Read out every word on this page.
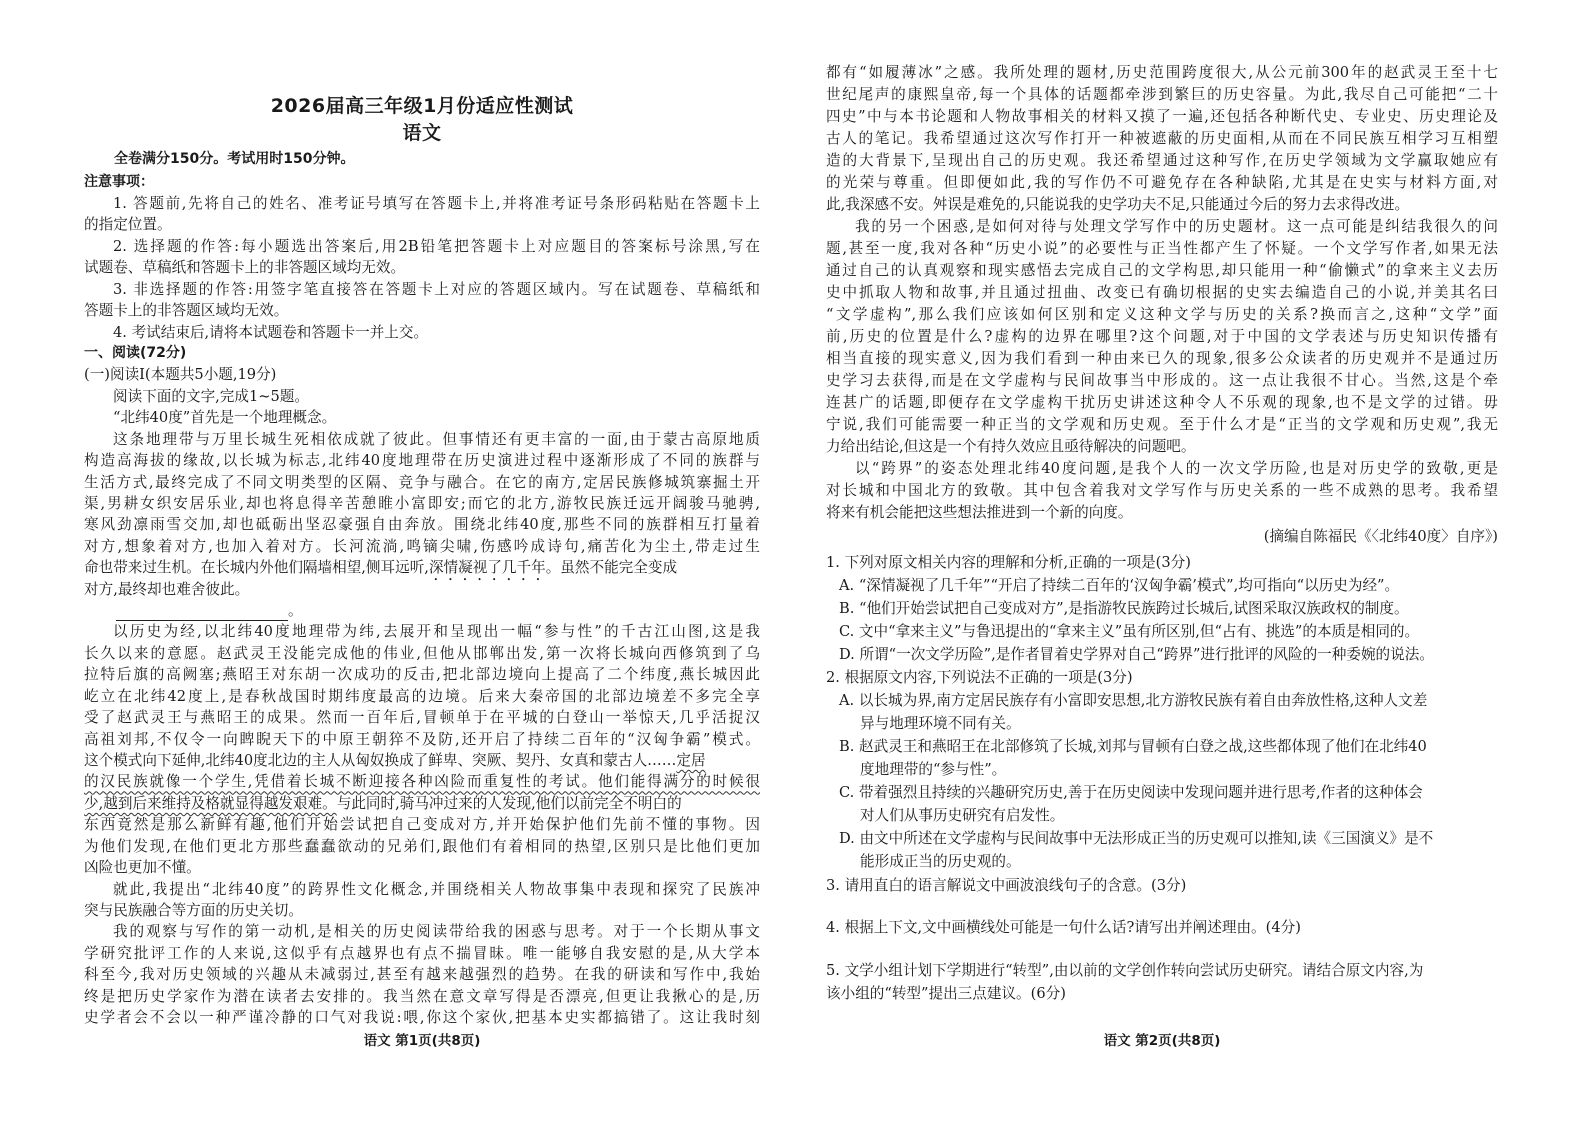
2026届高三年级1月份适应性测试
语文
全卷满分150分。考试用时150分钟。
注意事项：
1. 答题前,先将自己的姓名、准考证号填写在答题卡上,并将准考证号条形码粘贴在答题卡上
的指定位置。
2. 选择题的作答:每小题选出答案后,用2B铅笔把答题卡上对应题目的答案标号涂黑,写在
试题卷、草稿纸和答题卡上的非答题区域均无效。
3. 非选择题的作答:用签字笔直接答在答题卡上对应的答题区域内。写在试题卷、草稿纸和
答题卡上的非答题区域均无效。
4. 考试结束后,请将本试题卷和答题卡一并上交。
一、阅读(72分)
(一)阅读Ⅰ(本题共5小题,19分)
阅读下面的文字,完成1~5题。
“北纬40度”首先是一个地理概念。
这条地理带与万里长城生死相依成就了彼此。但事情还有更丰富的一面,由于蒙古高原地质
构造高海拔的缘故,以长城为标志,北纬40度地理带在历史演进过程中逐渐形成了不同的族群与
生活方式,最终完成了不同文明类型的区隔、竞争与融合。在它的南方,定居民族修城筑寨掘土开
渠,男耕女织安居乐业,却也将息得辛苦憩睢小富即安;而它的北方,游牧民族迁远开阔骏马驰骋,
寒风劲凛雨雪交加,却也砥砺出坚忍豪强自由奔放。围绕北纬40度,那些不同的族群相互打量着
对方,想象着对方,也加入着对方。长河流淌,鸣镝尖啸,伤感吟成诗句,痛苦化为尘土,带走过生
命也带来过生机。在长城内外他们隔墙相望,侧耳远听,深情凝视了几千年。虽然不能完全变成
对方,最终却也难舍彼此。
。
以历史为经,以北纬40度地理带为纬,去展开和呈现出一幅“参与性”的千古江山图,这是我
长久以来的意愿。赵武灵王没能完成他的伟业,但他从邯郸出发,第一次将长城向西修筑到了乌
拉特后旗的高阙塞;燕昭王对东胡一次成功的反击,把北部边境向上提高了二个纬度,燕长城因此
屹立在北纬42度上,是春秋战国时期纬度最高的边境。后来大秦帝国的北部边境差不多完全享
受了赵武灵王与燕昭王的成果。然而一百年后,冒顿单于在平城的白登山一举惊天,几乎活捉汉
高祖刘邦,不仅令一向睥睨天下的中原王朝猝不及防,还开启了持续二百年的“汉匈争霸”模式。
这个模式向下延伸,北纬40度北边的主人从匈奴换成了鲜卑、突厥、契丹、女真和蒙古人……定居
的汉民族就像一个学生,凭借着长城不断迎接各种凶险而重复性的考试。他们能得满分的时候很
少,越到后来维持及格就显得越发艰难。与此同时,骑马冲过来的人发现,他们以前完全不明白的
东西竟然是那么新鲜有趣,他们开始尝试把自己变成对方,并开始保护他们先前不懂的事物。因
为他们发现,在他们更北方那些蠢蠢欲动的兄弟们,跟他们有着相同的热望,区别只是比他们更加
凶险也更加不懂。
就此,我提出“北纬40度”的跨界性文化概念,并围绕相关人物故事集中表现和探究了民族冲
突与民族融合等方面的历史关切。
我的观察与写作的第一动机,是相关的历史阅读带给我的困惑与思考。对于一个长期从事文
学研究批评工作的人来说,这似乎有点越界也有点不揣冒昧。唯一能够自我安慰的是,从大学本
科至今,我对历史领域的兴趣从未减弱过,甚至有越来越强烈的趋势。在我的研读和写作中,我始
终是把历史学家作为潜在读者去安排的。我当然在意文章写得是否漂亮,但更让我揪心的是,历
语文 第1页(共8页)
史学者会不会以一种严谨冷静的口气对我说:喂,你这个家伙,把基本史实都搞错了。这让我时刻
都有“如履薄冰”之感。我所处理的题材,历史范围跨度很大,从公元前300年的赵武灵王至十七
世纪尾声的康熙皇帝,每一个具体的话题都牵涉到繁巨的历史容量。为此,我尽自己可能把“二十
四史”中与本书论题和人物故事相关的材料又摸了一遍,还包括各种断代史、专业史、历史理论及
古人的笔记。我希望通过这次写作打开一种被遮蔽的历史面相,从而在不同民族互相学习互相塑
造的大背景下,呈现出自己的历史观。我还希望通过这种写作,在历史学领域为文学赢取她应有
的光荣与尊重。但即便如此,我的写作仍不可避免存在各种缺陷,尤其是在史实与材料方面,对
此,我深感不安。舛误是难免的,只能说我的史学功夫不足,只能通过今后的努力去求得改进。
我的另一个困惑,是如何对待与处理文学写作中的历史题材。这一点可能是纠结我很久的问
题,甚至一度,我对各种“历史小说”的必要性与正当性都产生了怀疑。一个文学写作者,如果无法
通过自己的认真观察和现实感悟去完成自己的文学构思,却只能用一种“偷懒式”的拿来主义去历
史中抓取人物和故事,并且通过扭曲、改变已有确切根据的史实去编造自己的小说,并美其名曰
“文学虚构”,那么我们应该如何区别和定义这种文学与历史的关系?换而言之,这种“文学”面
前,历史的位置是什么?虚构的边界在哪里?这个问题,对于中国的文学表述与历史知识传播有
相当直接的现实意义,因为我们看到一种由来已久的现象,很多公众读者的历史观并不是通过历
史学习去获得,而是在文学虚构与民间故事当中形成的。这一点让我很不甘心。当然,这是个牵
连甚广的话题,即便存在文学虚构干扰历史讲述这种令人不乐观的现象,也不是文学的过错。毋
宁说,我们可能需要一种正当的文学观和历史观。至于什么才是“正当的文学观和历史观”,我无
力给出结论,但这是一个有持久效应且亟待解决的问题吧。
以“跨界”的姿态处理北纬40度问题,是我个人的一次文学历险,也是对历史学的致敬,更是
对长城和中国北方的致敬。其中包含着我对文学写作与历史关系的一些不成熟的思考。我希望
将来有机会能把这些想法推进到一个新的向度。
(摘编自陈福民《〈北纬40度〉自序》)
1. 下列对原文相关内容的理解和分析,正确的一项是(3分)
A. “深情凝视了几千年”“开启了持续二百年的‘汉匈争霸’模式”,均可指向“以历史为经”。
B. “他们开始尝试把自己变成对方”,是指游牧民族跨过长城后,试图采取汉族政权的制度。
C. 文中“拿来主义”与鲁迅提出的“拿来主义”虽有所区别,但“占有、挑选”的本质是相同的。
D. 所谓“一次文学历险”,是作者冒着史学界对自己“跨界”进行批评的风险的一种委婉的说法。
2. 根据原文内容,下列说法不正确的一项是(3分)
A. 以长城为界,南方定居民族存有小富即安思想,北方游牧民族有着自由奔放性格,这种人文差
异与地理环境不同有关。
B. 赵武灵王和燕昭王在北部修筑了长城,刘邦与冒顿有白登之战,这些都体现了他们在北纬40
度地理带的“参与性”。
C. 带着强烈且持续的兴趣研究历史,善于在历史阅读中发现问题并进行思考,作者的这种体会
对人们从事历史研究有启发性。
D. 由文中所述在文学虚构与民间故事中无法形成正当的历史观可以推知,读《三国演义》是不
能形成正当的历史观的。
3. 请用直白的语言解说文中画波浪线句子的含意。(3分)
4. 根据上下文,文中画横线处可能是一句什么话?请写出并阐述理由。(4分)
5. 文学小组计划下学期进行“转型”,由以前的文学创作转向尝试历史研究。请结合原文内容,为
该小组的“转型”提出三点建议。(6分)
语文 第2页(共8页)
